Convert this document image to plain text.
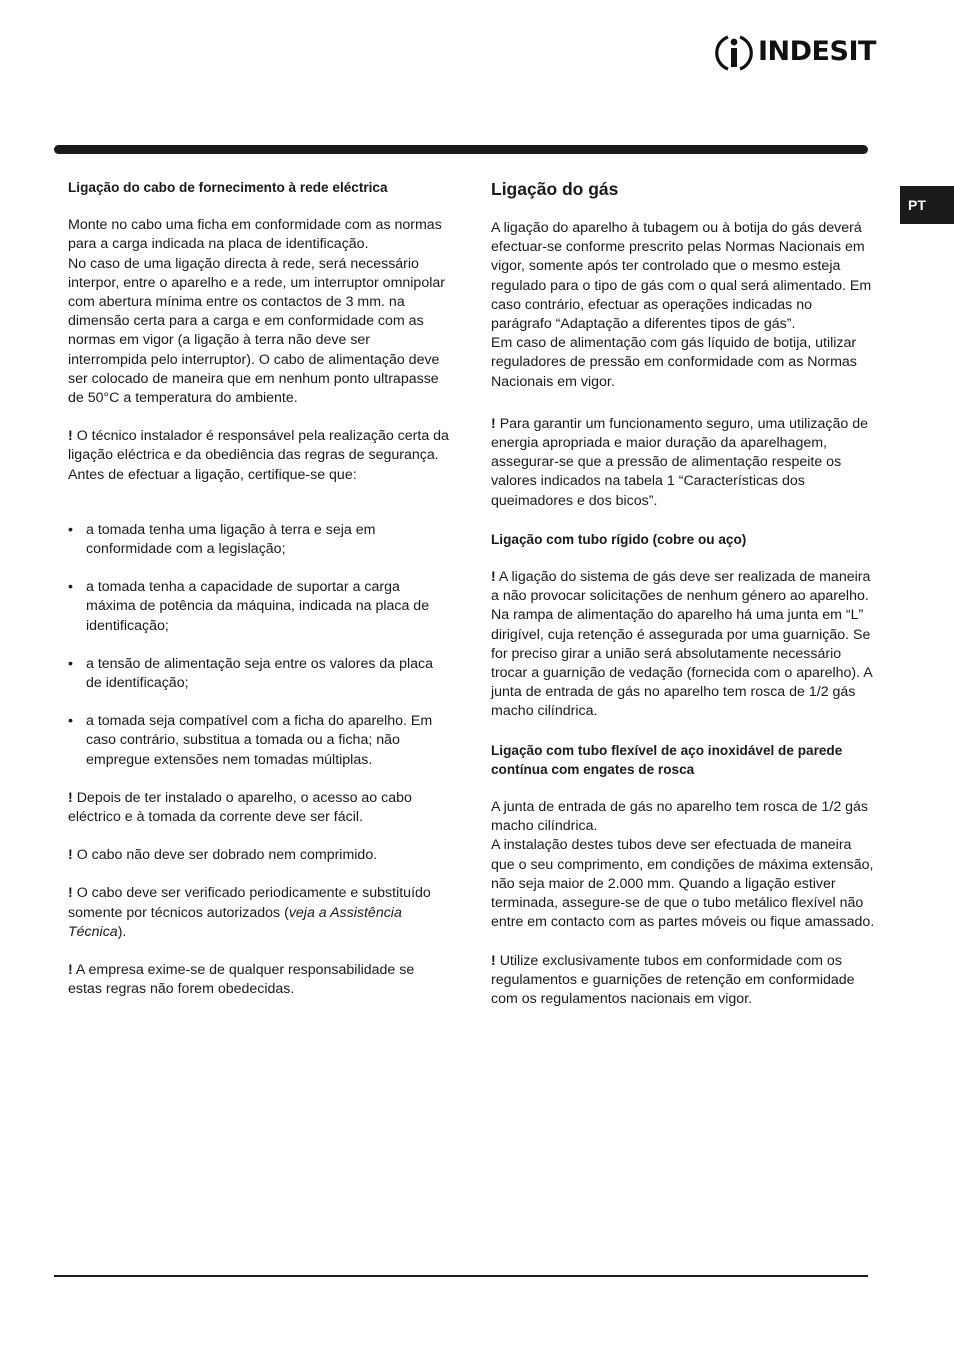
INDESIT
PT

Ligação do cabo de fornecimento à rede eléctrica

Monte no cabo uma ficha em conformidade com as normas para a carga indicada na placa de identificação.

No caso de uma ligação directa à rede, será necessário interpor, entre o aparelho e a rede, um interruptor omnipolar com abertura mínima entre os contactos de 3 mm. na dimensão certa para a carga e em conformidade com as normas em vigor (a ligação à terra não deve ser interrompida pelo interruptor). O cabo de alimentação deve ser colocado de maneira que em nenhum ponto ultrapasse de 50°C a temperatura do ambiente.

! O técnico instalador é responsável pela realização certa da ligação eléctrica e da obediência das regras de segurança.

Antes de efectuar a ligação, certifique-se que:

• a tomada tenha uma ligação à terra e seja em conformidade com a legislação;

• a tomada tenha a capacidade de suportar a carga máxima de potência da máquina, indicada na placa de identificação;

• a tensão de alimentação seja entre os valores da placa de identificação;

• a tomada seja compatível com a ficha do aparelho. Em caso contrário, substitua a tomada ou a ficha; não empregue extensões nem tomadas múltiplas.

! Depois de ter instalado o aparelho, o acesso ao cabo eléctrico e à tomada da corrente deve ser fácil.

! O cabo não deve ser dobrado nem comprimido.

! O cabo deve ser verificado periodicamente e substituído somente por técnicos autorizados (veja a Assistência Técnica).

! A empresa exime-se de qualquer responsabilidade se estas regras não forem obedecidas.

Ligação do gás

A ligação do aparelho à tubagem ou à botija do gás deverá efectuar-se conforme prescrito pelas Normas Nacionais em vigor, somente após ter controlado que o mesmo esteja regulado para o tipo de gás com o qual será alimentado. Em caso contrário, efectuar as operações indicadas no parágrafo “Adaptação a diferentes tipos de gás”.

Em caso de alimentação com gás líquido de botija, utilizar reguladores de pressão em conformidade com as Normas Nacionais em vigor.

! Para garantir um funcionamento seguro, uma utilização de energia apropriada e maior duração da aparelhagem, assegurar-se que a pressão de alimentação respeite os valores indicados na tabela 1 “Características dos queimadores e dos bicos”.

Ligação com tubo rígido (cobre ou aço)

! A ligação do sistema de gás deve ser realizada de maneira a não provocar solicitações de nenhum género ao aparelho.

Na rampa de alimentação do aparelho há uma junta em “L” dirigível, cuja retenção é assegurada por uma guarnição. Se for preciso girar a união será absolutamente necessário trocar a guarnição de vedação (fornecida com o aparelho). A junta de entrada de gás no aparelho tem rosca de 1/2 gás macho cilíndrica.

Ligação com tubo flexível de aço inoxidável de parede contínua com engates de rosca

A junta de entrada de gás no aparelho tem rosca de 1/2 gás macho cilíndrica.

A instalação destes tubos deve ser efectuada de maneira que o seu comprimento, em condições de máxima extensão, não seja maior de 2.000 mm. Quando a ligação estiver terminada, assegure-se de que o tubo metálico flexível não entre em contacto com as partes móveis ou fique amassado.

! Utilize exclusivamente tubos em conformidade com os regulamentos e guarnições de retenção em conformidade com os regulamentos nacionais em vigor.
